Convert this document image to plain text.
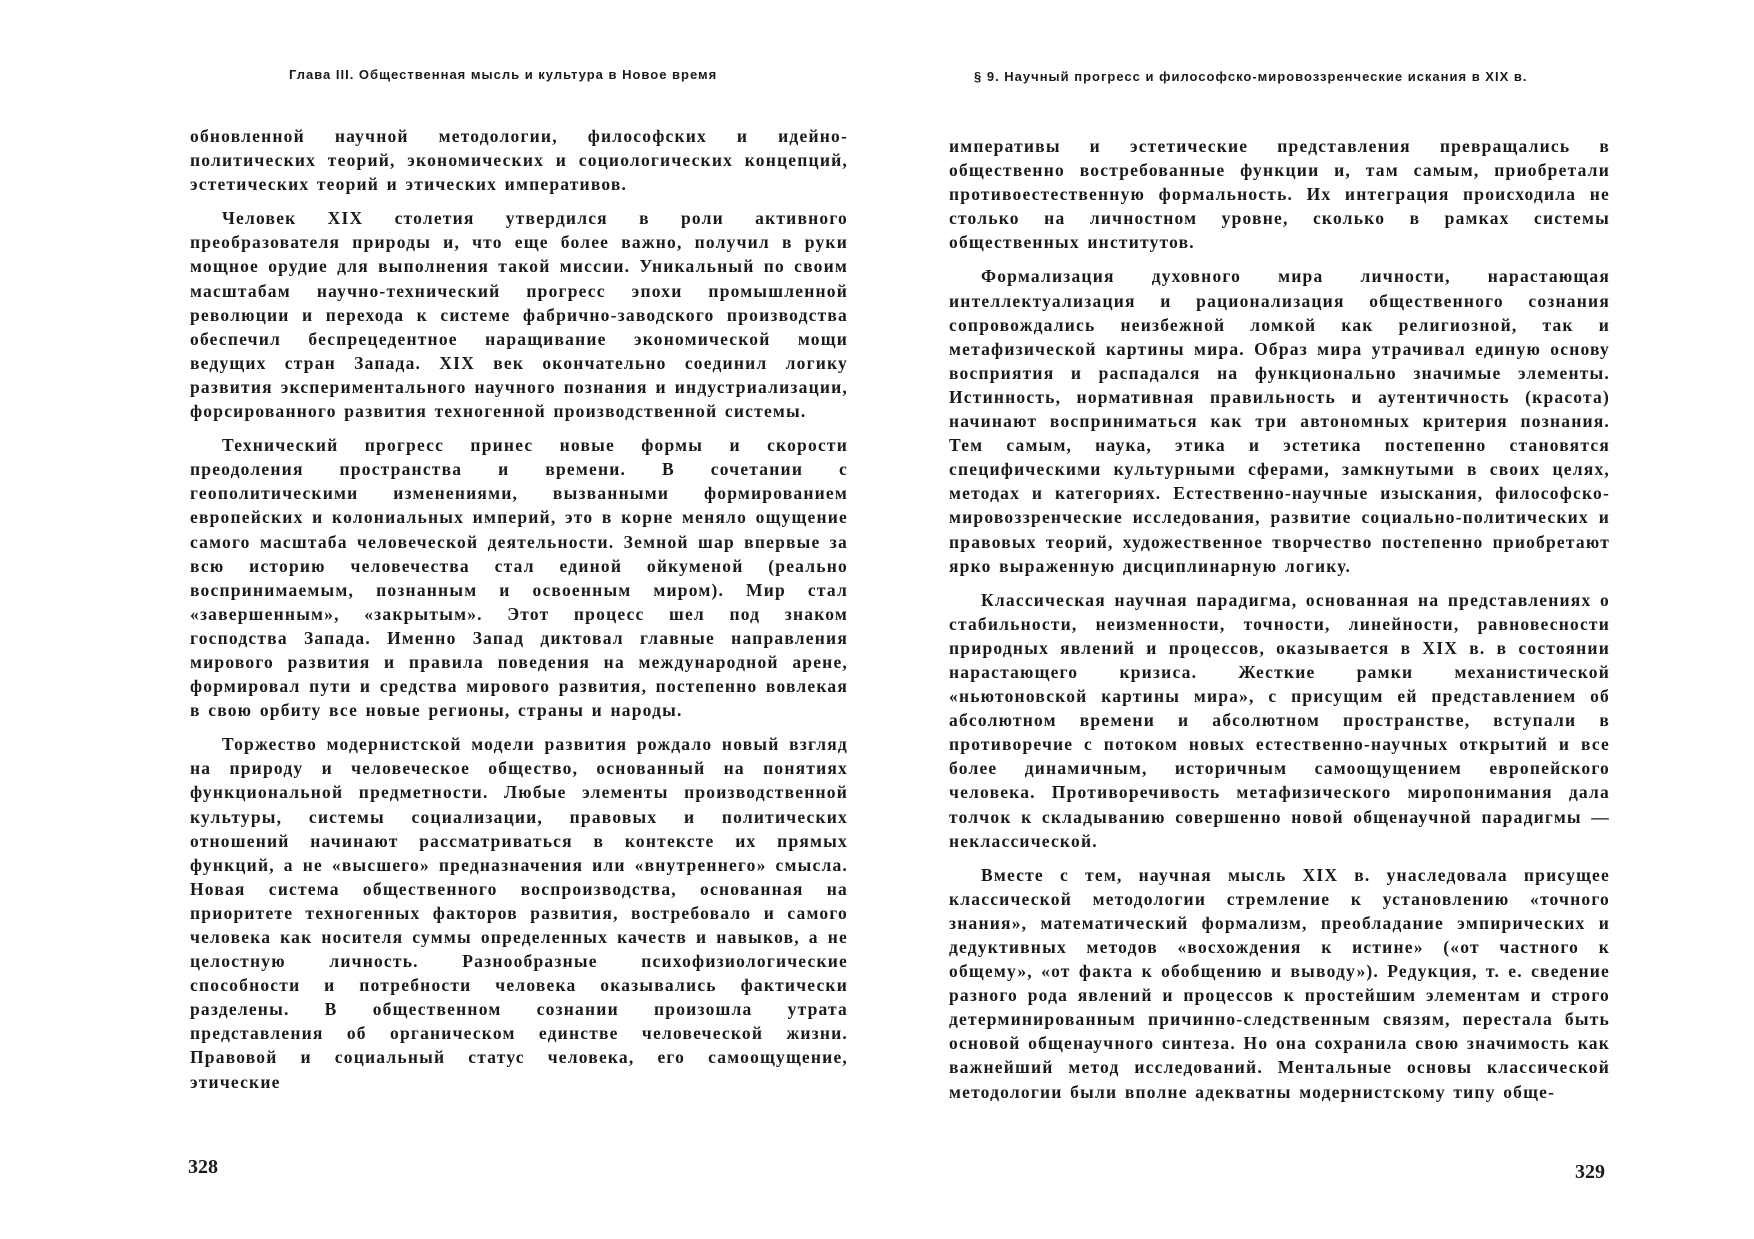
Глава III. Общественная мысль и культура в Новое время

обновленной научной методологии, философских и идейно-политических теорий, экономических и социологических концепций, эстетических теорий и этических императивов.

Человек XIX столетия утвердился в роли активного преобразователя природы и, что еще более важно, получил в руки мощное орудие для выполнения такой миссии. Уникальный по своим масштабам научно-технический прогресс эпохи промышленной революции и перехода к системе фабрично-заводского производства обеспечил беспрецедентное наращивание экономической мощи ведущих стран Запада. XIX век окончательно соединил логику развития экспериментального научного познания и индустриализации, форсированного развития техногенной производственной системы.

Технический прогресс принес новые формы и скорости преодоления пространства и времени. В сочетании с геополитическими изменениями, вызванными формированием европейских и колониальных империй, это в корне меняло ощущение самого масштаба человеческой деятельности. Земной шар впервые за всю историю человечества стал единой ойкуменой (реально воспринимаемым, познанным и освоенным миром). Мир стал «завершенным», «закрытым». Этот процесс шел под знаком господства Запада. Именно Запад диктовал главные направления мирового развития и правила поведения на международной арене, формировал пути и средства мирового развития, постепенно вовлекая в свою орбиту все новые регионы, страны и народы.

Торжество модернистской модели развития рождало новый взгляд на природу и человеческое общество, основанный на понятиях функциональной предметности. Любые элементы производственной культуры, системы социализации, правовых и политических отношений начинают рассматриваться в контексте их прямых функций, а не «высшего» предназначения или «внутреннего» смысла. Новая система общественного воспроизводства, основанная на приоритете техногенных факторов развития, востребовало и самого человека как носителя суммы определенных качеств и навыков, а не целостную личность. Разнообразные психофизиологические способности и потребности человека оказывались фактически разделены. В общественном сознании произошла утрата представления об органическом единстве человеческой жизни. Правовой и социальный статус человека, его самоощущение, этические

328
§ 9. Научный прогресс и философско-мировоззренческие искания в XIX в.

императивы и эстетические представления превращались в общественно востребованные функции и, там самым, приобретали противоестественную формальность. Их интеграция происходила не столько на личностном уровне, сколько в рамках системы общественных институтов.

Формализация духовного мира личности, нарастающая интеллектуализация и рационализация общественного сознания сопровождались неизбежной ломкой как религиозной, так и метафизической картины мира. Образ мира утрачивал единую основу восприятия и распадался на функционально значимые элементы. Истинность, нормативная правильность и аутентичность (красота) начинают восприниматься как три автономных критерия познания. Тем самым, наука, этика и эстетика постепенно становятся специфическими культурными сферами, замкнутыми в своих целях, методах и категориях. Естественно-научные изыскания, философско-мировоззренческие исследования, развитие социально-политических и правовых теорий, художественное творчество постепенно приобретают ярко выраженную дисциплинарную логику.

Классическая научная парадигма, основанная на представлениях о стабильности, неизменности, точности, линейности, равновесности природных явлений и процессов, оказывается в XIX в. в состоянии нарастающего кризиса. Жесткие рамки механистической «ньютоновской картины мира», с присущим ей представлением об абсолютном времени и абсолютном пространстве, вступали в противоречие с потоком новых естественно-научных открытий и все более динамичным, историчным самоощущением европейского человека. Противоречивость метафизического миропонимания дала толчок к складыванию совершенно новой общенаучной парадигмы — неклассической.

Вместе с тем, научная мысль XIX в. унаследовала присущее классической методологии стремление к установлению «точного знания», математический формализм, преобладание эмпирических и дедуктивных методов «восхождения к истине» («от частного к общему», «от факта к обобщению и выводу»). Редукция, т. е. сведение разного рода явлений и процессов к простейшим элементам и строго детерминированным причинно-следственным связям, перестала быть основой общенаучного синтеза. Но она сохранила свою значимость как важнейший метод исследований. Ментальные основы классической методологии были вполне адекватны модернистскому типу обще-

329
